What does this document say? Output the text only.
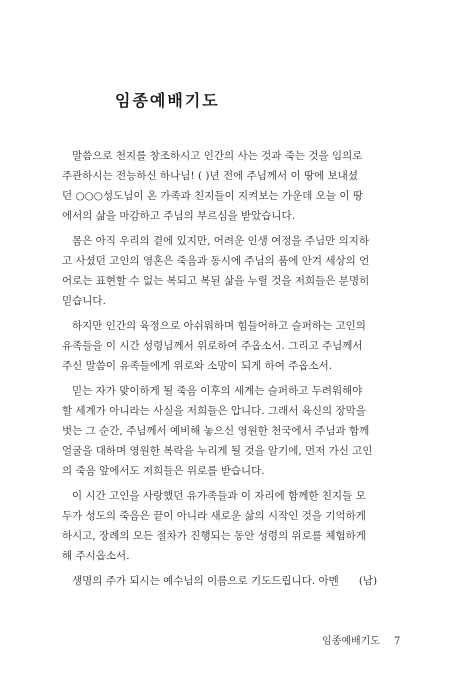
임종예배기도
말씀으로 천지를 창조하시고 인간의 사는 것과 죽는 것을 임의로
주관하시는 전능하신 하나님! ( )년 전에 주님께서 이 땅에 보내셨
던 ○○○성도님이 온 가족과 친지들이 지켜보는 가운데 오늘 이 땅
에서의 삶을 마감하고 주님의 부르심을 받았습니다.
몸은 아직 우리의 곁에 있지만, 어려운 인생 여정을 주님만 의지하
고 사셨던 고인의 영혼은 죽음과 동시에 주님의 품에 안겨 세상의 언
어로는 표현할 수 없는 복되고 복된 삶을 누릴 것을 저희들은 분명히
믿습니다.
하지만 인간의 육정으로 아쉬워하며 힘들어하고 슬퍼하는 고인의
유족들을 이 시간 성령님께서 위로하여 주옵소서. 그리고 주님께서
주신 말씀이 유족들에게 위로와 소망이 되게 하여 주옵소서.
믿는 자가 맞이하게 될 죽음 이후의 세계는 슬퍼하고 두려워해야
할 세계가 아니라는 사실을 저희들은 압니다. 그래서 육신의 장막을
벗는 그 순간, 주님께서 예비해 놓으신 영원한 천국에서 주님과 함께
얼굴을 대하며 영원한 복락을 누리게 될 것을 알기에, 먼저 가신 고인
의 죽음 앞에서도 저희들은 위로를 받습니다.
이 시간 고인을 사랑했던 유가족들과 이 자리에 함께한 친지들 모
두가 성도의 죽음은 끝이 아니라 새로운 삶의 시작인 것을 기억하게
하시고, 장례의 모든 절차가 진행되는 동안 성령의 위로를 체험하게
해 주시옵소서.
생명의 주가 되시는 예수님의 이름으로 기도드립니다. 아멘      (남)
임종예배기도 7
